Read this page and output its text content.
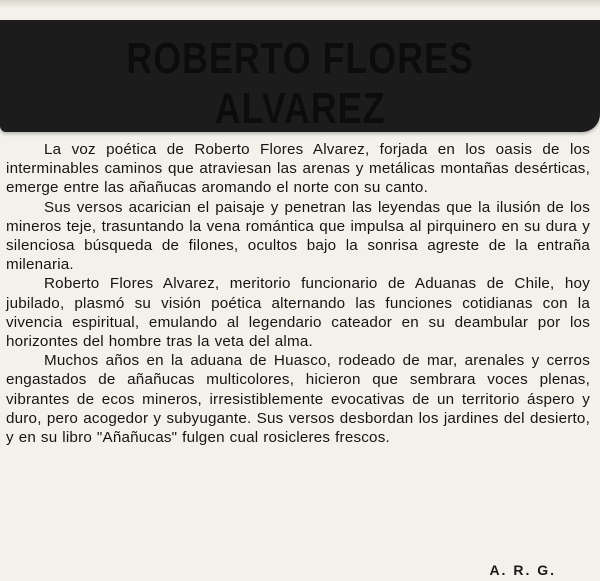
ROBERTO FLORES ALVAREZ

La voz poética de Roberto Flores Alvarez, forjada en los oasis de los interminables caminos que atraviesan las arenas y metálicas montañas desérticas, emerge entre las añañucas aromando el norte con su canto.

Sus versos acarician el paisaje y penetran las leyendas que la ilusión de los mineros teje, trasuntando la vena romántica que impulsa al pirquinero en su dura y silenciosa búsqueda de filones, ocultos bajo la sonrisa agreste de la entraña milenaria.

Roberto Flores Alvarez, meritorio funcionario de Aduanas de Chile, hoy jubilado, plasmó su visión poética alternando las funciones cotidianas con la vivencia espiritual, emulando al legendario cateador en su deambular por los horizontes del hombre tras la veta del alma.

Muchos años en la aduana de Huasco, rodeado de mar, arenales y cerros engastados de añañucas multicolores, hicieron que sembrara voces plenas, vibrantes de ecos mineros, irresistiblemente evocativas de un territorio áspero y duro, pero acogedor y subyugante. Sus versos desbordan los jardines del desierto, y en su libro "Añañucas" fulgen cual rosicleres frescos.

A. R. G.
